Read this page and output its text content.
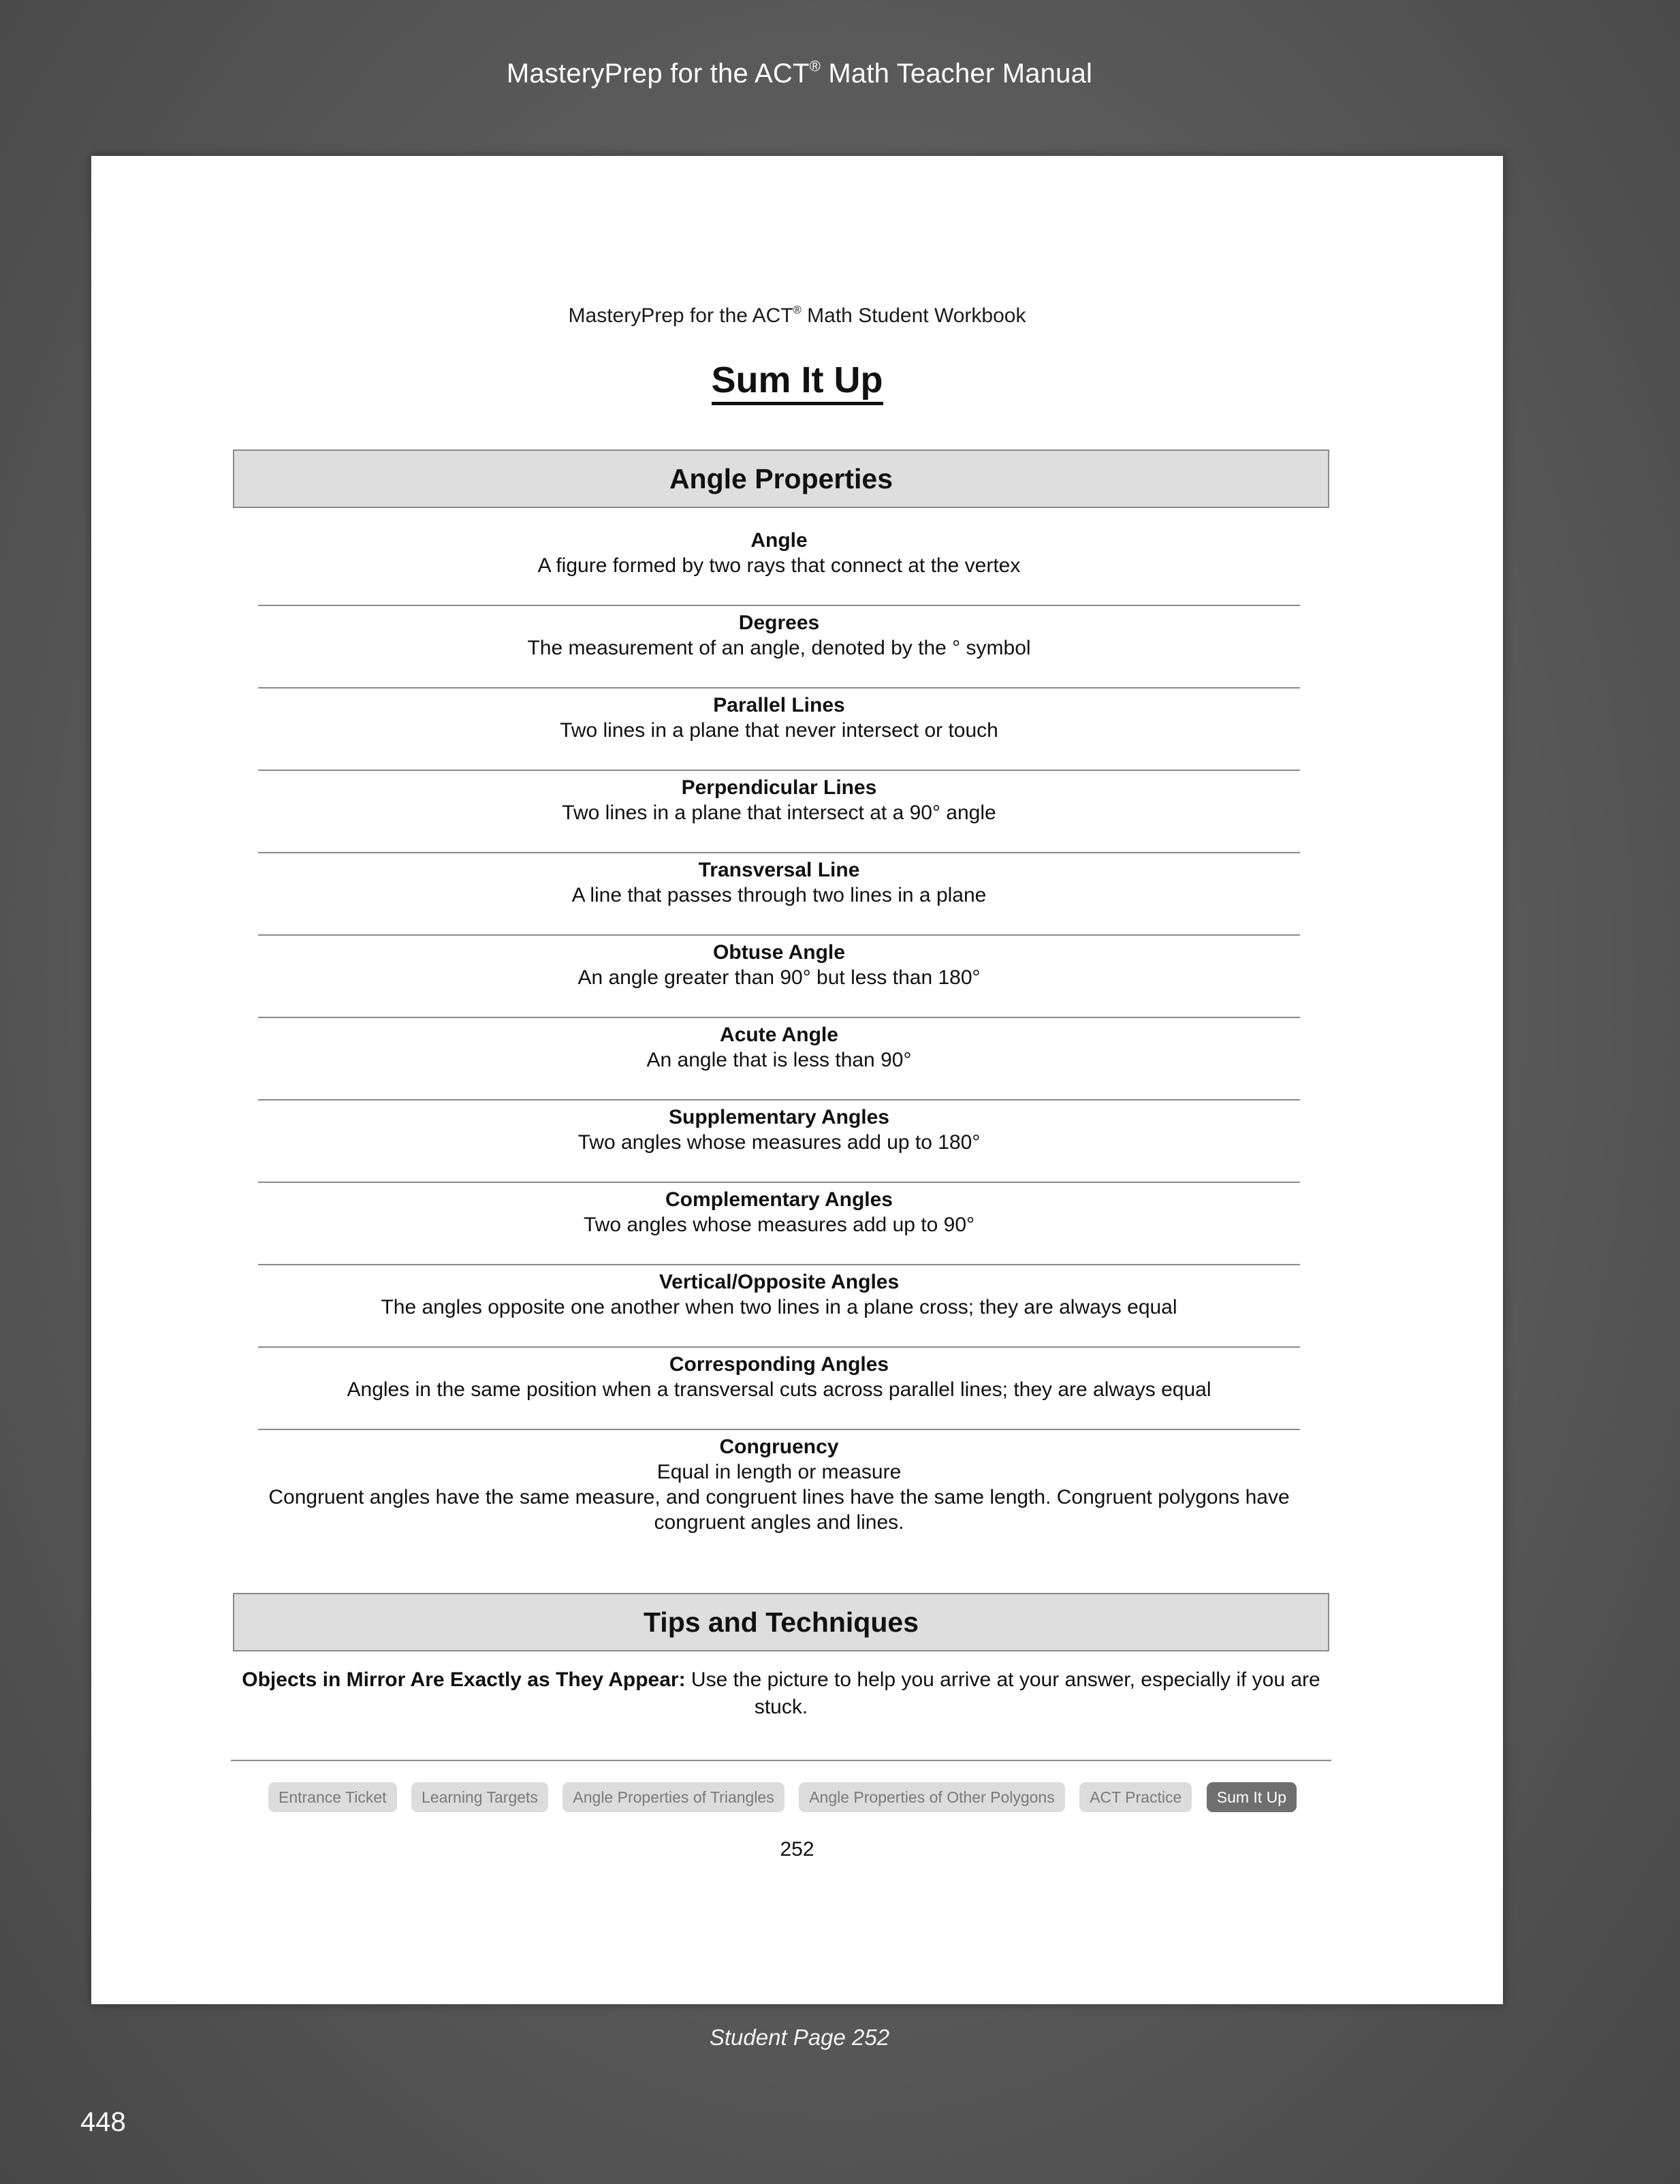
MasteryPrep for the ACT® Math Teacher Manual
MasteryPrep for the ACT® Math Student Workbook
Sum It Up
Angle Properties
Angle
A figure formed by two rays that connect at the vertex
Degrees
The measurement of an angle, denoted by the ° symbol
Parallel Lines
Two lines in a plane that never intersect or touch
Perpendicular Lines
Two lines in a plane that intersect at a 90° angle
Transversal Line
A line that passes through two lines in a plane
Obtuse Angle
An angle greater than 90° but less than 180°
Acute Angle
An angle that is less than 90°
Supplementary Angles
Two angles whose measures add up to 180°
Complementary Angles
Two angles whose measures add up to 90°
Vertical/Opposite Angles
The angles opposite one another when two lines in a plane cross; they are always equal
Corresponding Angles
Angles in the same position when a transversal cuts across parallel lines; they are always equal
Congruency
Equal in length or measure
Congruent angles have the same measure, and congruent lines have the same length. Congruent polygons have congruent angles and lines.
Tips and Techniques
Objects in Mirror Are Exactly as They Appear: Use the picture to help you arrive at your answer, especially if you are stuck.
Entrance Ticket	Learning Targets	Angle Properties of Triangles	Angle Properties of Other Polygons	ACT Practice	Sum It Up
252
Student Page 252
448
